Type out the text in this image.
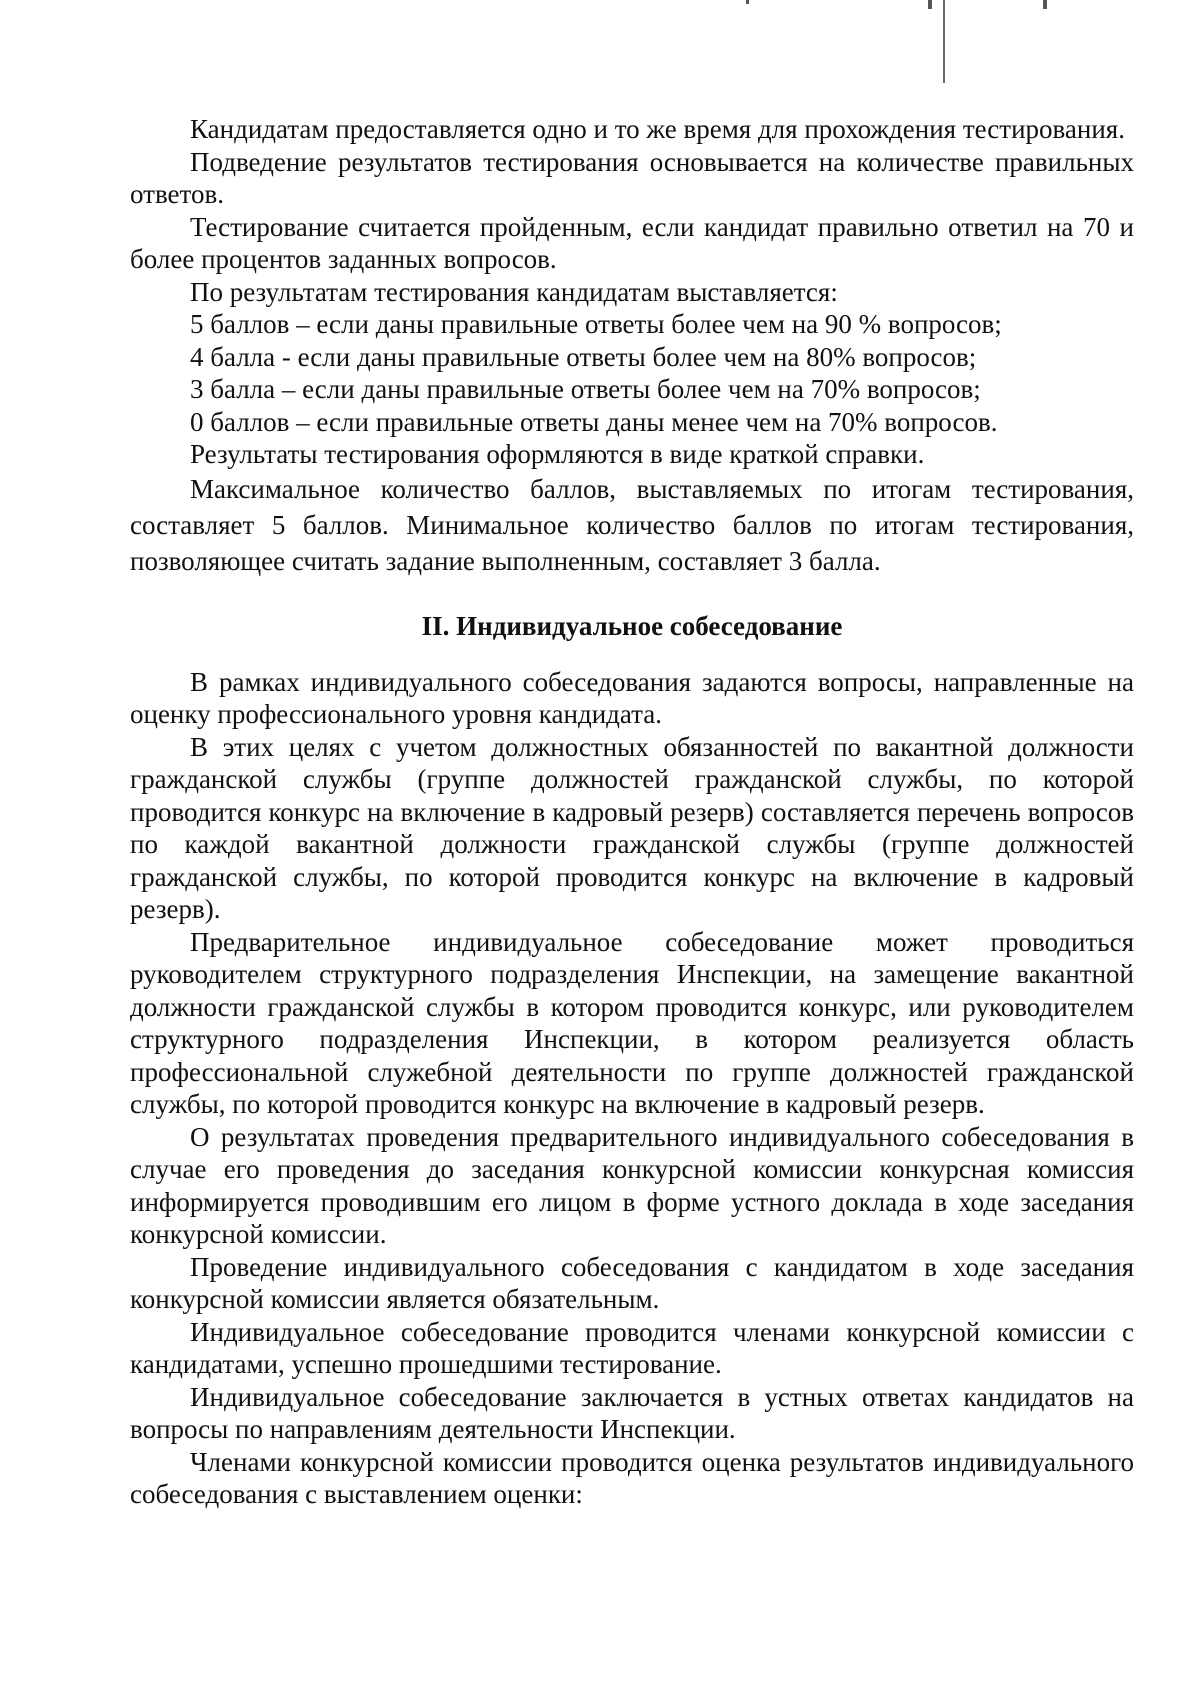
Кандидатам предоставляется одно и то же время для прохождения тестирования.

Подведение результатов тестирования основывается на количестве правильных ответов.

Тестирование считается пройденным, если кандидат правильно ответил на 70 и более процентов заданных вопросов.

По результатам тестирования кандидатам выставляется:

5 баллов – если даны правильные ответы более чем на 90 % вопросов;

4 балла - если даны правильные ответы более чем на 80% вопросов;

3 балла – если даны правильные ответы более чем на 70% вопросов;

0 баллов – если правильные ответы даны менее чем на 70% вопросов.

Результаты тестирования оформляются в виде краткой справки.

Максимальное количество баллов, выставляемых по итогам тестирования, составляет 5 баллов. Минимальное количество баллов по итогам тестирования, позволяющее считать задание выполненным, составляет 3 балла.

II. Индивидуальное собеседование

В рамках индивидуального собеседования задаются вопросы, направленные на оценку профессионального уровня кандидата.

В этих целях с учетом должностных обязанностей по вакантной должности гражданской службы (группе должностей гражданской службы, по которой проводится конкурс на включение в кадровый резерв) составляется перечень вопросов по каждой вакантной должности гражданской службы (группе должностей гражданской службы, по которой проводится конкурс на включение в кадровый резерв).

Предварительное индивидуальное собеседование может проводиться руководителем структурного подразделения Инспекции, на замещение вакантной должности гражданской службы в котором проводится конкурс, или руководителем структурного подразделения Инспекции, в котором реализуется область профессиональной служебной деятельности по группе должностей гражданской службы, по которой проводится конкурс на включение в кадровый резерв.

О результатах проведения предварительного индивидуального собеседования в случае его проведения до заседания конкурсной комиссии конкурсная комиссия информируется проводившим его лицом в форме устного доклада в ходе заседания конкурсной комиссии.

Проведение индивидуального собеседования с кандидатом в ходе заседания конкурсной комиссии является обязательным.

Индивидуальное собеседование проводится членами конкурсной комиссии с кандидатами, успешно прошедшими тестирование.

Индивидуальное собеседование заключается в устных ответах кандидатов на вопросы по направлениям деятельности Инспекции.

Членами конкурсной комиссии проводится оценка результатов индивидуального собеседования с выставлением оценки:
